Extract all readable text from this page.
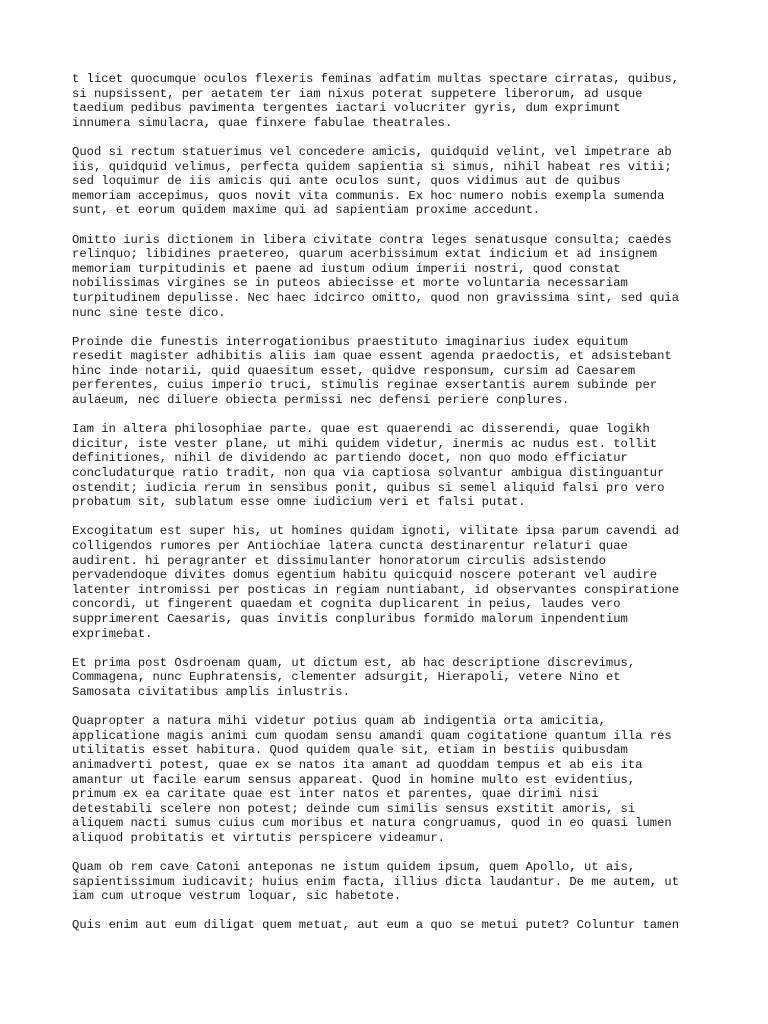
t licet quocumque oculos flexeris feminas adfatim multas spectare cirratas, quibus,
si nupsissent, per aetatem ter iam nixus poterat suppetere liberorum, ad usque
taedium pedibus pavimenta tergentes iactari volucriter gyris, dum exprimunt
innumera simulacra, quae finxere fabulae theatrales.

Quod si rectum statuerimus vel concedere amicis, quidquid velint, vel impetrare ab
iis, quidquid velimus, perfecta quidem sapientia si simus, nihil habeat res vitii;
sed loquimur de iis amicis qui ante oculos sunt, quos vidimus aut de quibus
memoriam accepimus, quos novit vita communis. Ex hoc numero nobis exempla sumenda
sunt, et eorum quidem maxime qui ad sapientiam proxime accedunt.

Omitto iuris dictionem in libera civitate contra leges senatusque consulta; caedes
relinquo; libidines praetereo, quarum acerbissimum extat indicium et ad insignem
memoriam turpitudinis et paene ad iustum odium imperii nostri, quod constat
nobilissimas virgines se in puteos abiecisse et morte voluntaria necessariam
turpitudinem depulisse. Nec haec idcirco omitto, quod non gravissima sint, sed quia
nunc sine teste dico.

Proinde die funestis interrogationibus praestituto imaginarius iudex equitum
resedit magister adhibitis aliis iam quae essent agenda praedoctis, et adsistebant
hinc inde notarii, quid quaesitum esset, quidve responsum, cursim ad Caesarem
perferentes, cuius imperio truci, stimulis reginae exsertantis aurem subinde per
aulaeum, nec diluere obiecta permissi nec defensi periere conplures.

Iam in altera philosophiae parte. quae est quaerendi ac disserendi, quae logikh
dicitur, iste vester plane, ut mihi quidem videtur, inermis ac nudus est. tollit
definitiones, nihil de dividendo ac partiendo docet, non quo modo efficiatur
concludaturque ratio tradit, non qua via captiosa solvantur ambigua distinguantur
ostendit; iudicia rerum in sensibus ponit, quibus si semel aliquid falsi pro vero
probatum sit, sublatum esse omne iudicium veri et falsi putat.

Excogitatum est super his, ut homines quidam ignoti, vilitate ipsa parum cavendi ad
colligendos rumores per Antiochiae latera cuncta destinarentur relaturi quae
audirent. hi peragranter et dissimulanter honoratorum circulis adsistendo
pervadendoque divites domus egentium habitu quicquid noscere poterant vel audire
latenter intromissi per posticas in regiam nuntiabant, id observantes conspiratione
concordi, ut fingerent quaedam et cognita duplicarent in peius, laudes vero
supprimerent Caesaris, quas invitis conpluribus formido malorum inpendentium
exprimebat.

Et prima post Osdroenam quam, ut dictum est, ab hac descriptione discrevimus,
Commagena, nunc Euphratensis, clementer adsurgit, Hierapoli, vetere Nino et
Samosata civitatibus amplis inlustris.

Quapropter a natura mihi videtur potius quam ab indigentia orta amicitia,
applicatione magis animi cum quodam sensu amandi quam cogitatione quantum illa res
utilitatis esset habitura. Quod quidem quale sit, etiam in bestiis quibusdam
animadverti potest, quae ex se natos ita amant ad quoddam tempus et ab eis ita
amantur ut facile earum sensus appareat. Quod in homine multo est evidentius,
primum ex ea caritate quae est inter natos et parentes, quae dirimi nisi
detestabili scelere non potest; deinde cum similis sensus exstitit amoris, si
aliquem nacti sumus cuius cum moribus et natura congruamus, quod in eo quasi lumen
aliquod probitatis et virtutis perspicere videamur.

Quam ob rem cave Catoni anteponas ne istum quidem ipsum, quem Apollo, ut ais,
sapientissimum iudicavit; huius enim facta, illius dicta laudantur. De me autem, ut
iam cum utroque vestrum loquar, sic habetote.

Quis enim aut eum diligat quem metuat, aut eum a quo se metui putet? Coluntur tamen
